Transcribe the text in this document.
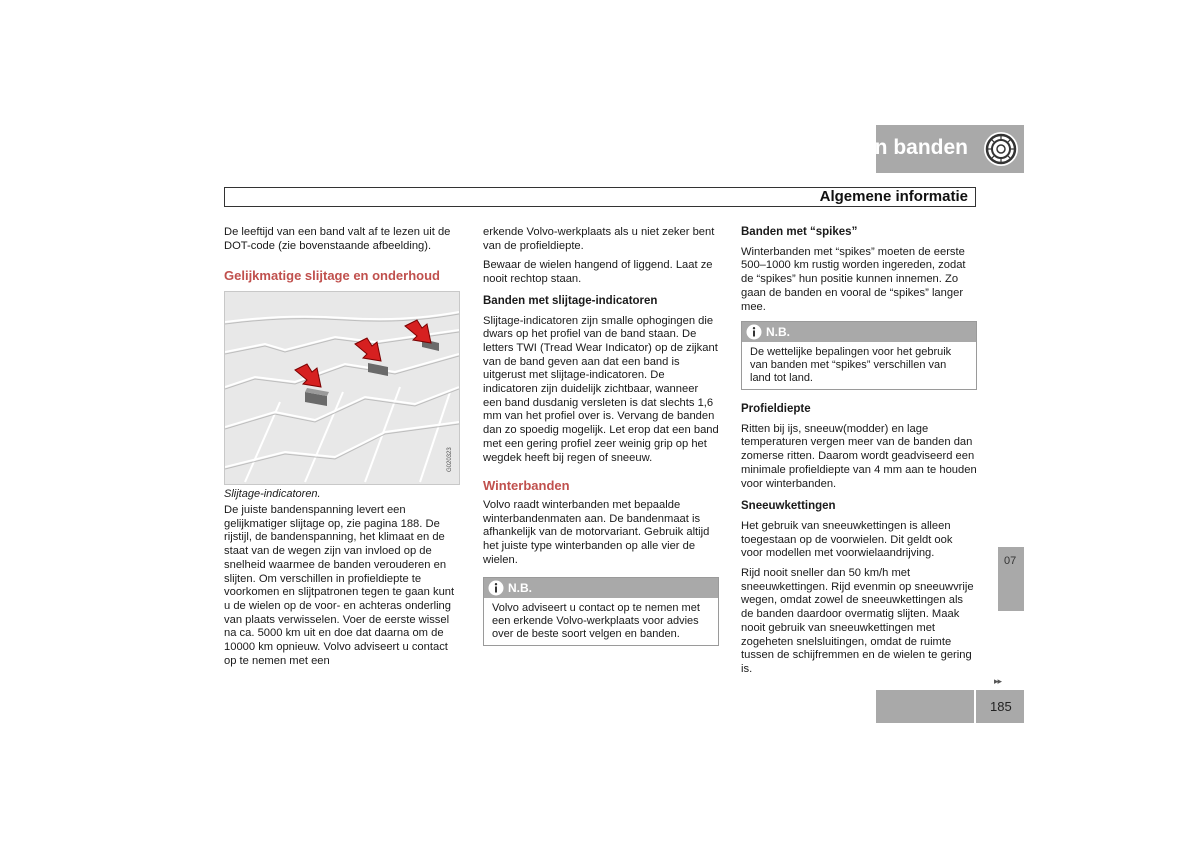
07 Wielen en banden
Algemene informatie

De leeftijd van een band valt af te lezen uit de DOT-code (zie bovenstaande afbeelding).

Gelijkmatige slijtage en onderhoud

G020323
Slijtage-indicatoren.

De juiste bandenspanning levert een gelijkmatiger slijtage op, zie pagina 188. De rijstijl, de bandenspanning, het klimaat en de staat van de wegen zijn van invloed op de snelheid waarmee de banden verouderen en slijten. Om verschillen in profieldiepte te voorkomen en slijtpatronen tegen te gaan kunt u de wielen op de voor- en achteras onderling van plaats verwisselen. Voer de eerste wissel na ca. 5000 km uit en doe dat daarna om de 10000 km opnieuw. Volvo adviseert u contact op te nemen met een

erkende Volvo-werkplaats als u niet zeker bent van de profieldiepte.

Bewaar de wielen hangend of liggend. Laat ze nooit rechtop staan.

Banden met slijtage-indicatoren

Slijtage-indicatoren zijn smalle ophogingen die dwars op het profiel van de band staan. De letters TWI (Tread Wear Indicator) op de zijkant van de band geven aan dat een band is uitgerust met slijtage-indicatoren. De indicatoren zijn duidelijk zichtbaar, wanneer een band dusdanig versleten is dat slechts 1,6 mm van het profiel over is. Vervang de banden dan zo spoedig mogelijk. Let erop dat een band met een gering profiel zeer weinig grip op het wegdek heeft bij regen of sneeuw.

Winterbanden

Volvo raadt winterbanden met bepaalde winterbandenmaten aan. De bandenmaat is afhankelijk van de motorvariant. Gebruik altijd het juiste type winterbanden op alle vier de wielen.

N.B.
Volvo adviseert u contact op te nemen met een erkende Volvo-werkplaats voor advies over de beste soort velgen en banden.

Banden met “spikes”

Winterbanden met “spikes” moeten de eerste 500–1000 km rustig worden ingereden, zodat de “spikes” hun positie kunnen innemen. Zo gaan de banden en vooral de “spikes” langer mee.

N.B.
De wettelijke bepalingen voor het gebruik van banden met “spikes” verschillen van land tot land.

Profieldiepte

Ritten bij ijs, sneeuw(modder) en lage temperaturen vergen meer van de banden dan zomerse ritten. Daarom wordt geadviseerd een minimale profieldiepte van 4 mm aan te houden voor winterbanden.

Sneeuwkettingen

Het gebruik van sneeuwkettingen is alleen toegestaan op de voorwielen. Dit geldt ook voor modellen met voorwielaandrijving.

Rijd nooit sneller dan 50 km/h met sneeuwkettingen. Rijd evenmin op sneeuwvrije wegen, omdat zowel de sneeuwkettingen als de banden daardoor overmatig slijten. Maak nooit gebruik van sneeuwkettingen met zogeheten snelsluitingen, omdat de ruimte tussen de schijfremmen en de wielen te gering is.

07
▸▸
185
